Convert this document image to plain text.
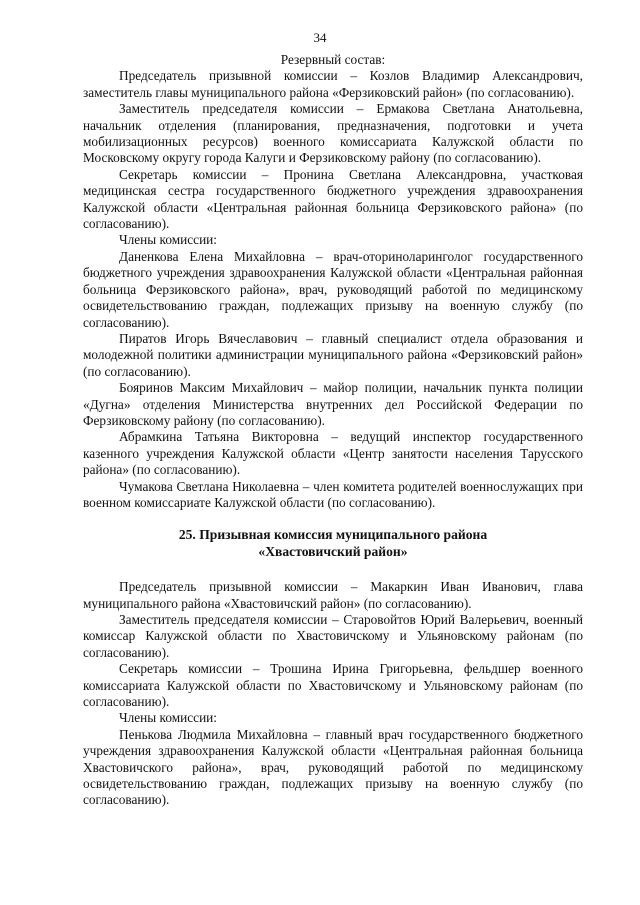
34

Резервный состав:

Председатель призывной комиссии – Козлов Владимир Александрович, заместитель главы муниципального района «Ферзиковский район» (по согласованию).

Заместитель председателя комиссии – Ермакова Светлана Анатольевна, начальник отделения (планирования, предназначения, подготовки и учета мобилизационных ресурсов) военного комиссариата Калужской области по Московскому округу города Калуги и Ферзиковскому району (по согласованию).

Секретарь комиссии – Пронина Светлана Александровна, участковая медицинская сестра государственного бюджетного учреждения здравоохранения Калужской области «Центральная районная больница Ферзиковского района» (по согласованию).

Члены комиссии:

Даненкова Елена Михайловна – врач-оториноларинголог государственного бюджетного учреждения здравоохранения Калужской области «Центральная районная больница Ферзиковского района», врач, руководящий работой по медицинскому освидетельствованию граждан, подлежащих призыву на военную службу (по согласованию).

Пиратов Игорь Вячеславович – главный специалист отдела образования и молодежной политики администрации муниципального района «Ферзиковский район» (по согласованию).

Бояринов Максим Михайлович – майор полиции, начальник пункта полиции «Дугна» отделения Министерства внутренних дел Российской Федерации по Ферзиковскому району (по согласованию).

Абрамкина Татьяна Викторовна – ведущий инспектор государственного казенного учреждения Калужской области «Центр занятости населения Тарусского района» (по согласованию).

Чумакова Светлана Николаевна – член комитета родителей военнослужащих при военном комиссариате Калужской области (по согласованию).

25. Призывная комиссия муниципального района
«Хвастовичский район»

Председатель призывной комиссии – Макаркин Иван Иванович, глава муниципального района «Хвастовичский район» (по согласованию).

Заместитель председателя комиссии – Старовойтов Юрий Валерьевич, военный комиссар Калужской области по Хвастовичскому и Ульяновскому районам (по согласованию).

Секретарь комиссии – Трошина Ирина Григорьевна, фельдшер военного комиссариата Калужской области по Хвастовичскому и Ульяновскому районам (по согласованию).

Члены комиссии:

Пенькова Людмила Михайловна – главный врач государственного бюджетного учреждения здравоохранения Калужской области «Центральная районная больница Хвастовичского района», врач, руководящий работой по медицинскому освидетельствованию граждан, подлежащих призыву на военную службу (по согласованию).
